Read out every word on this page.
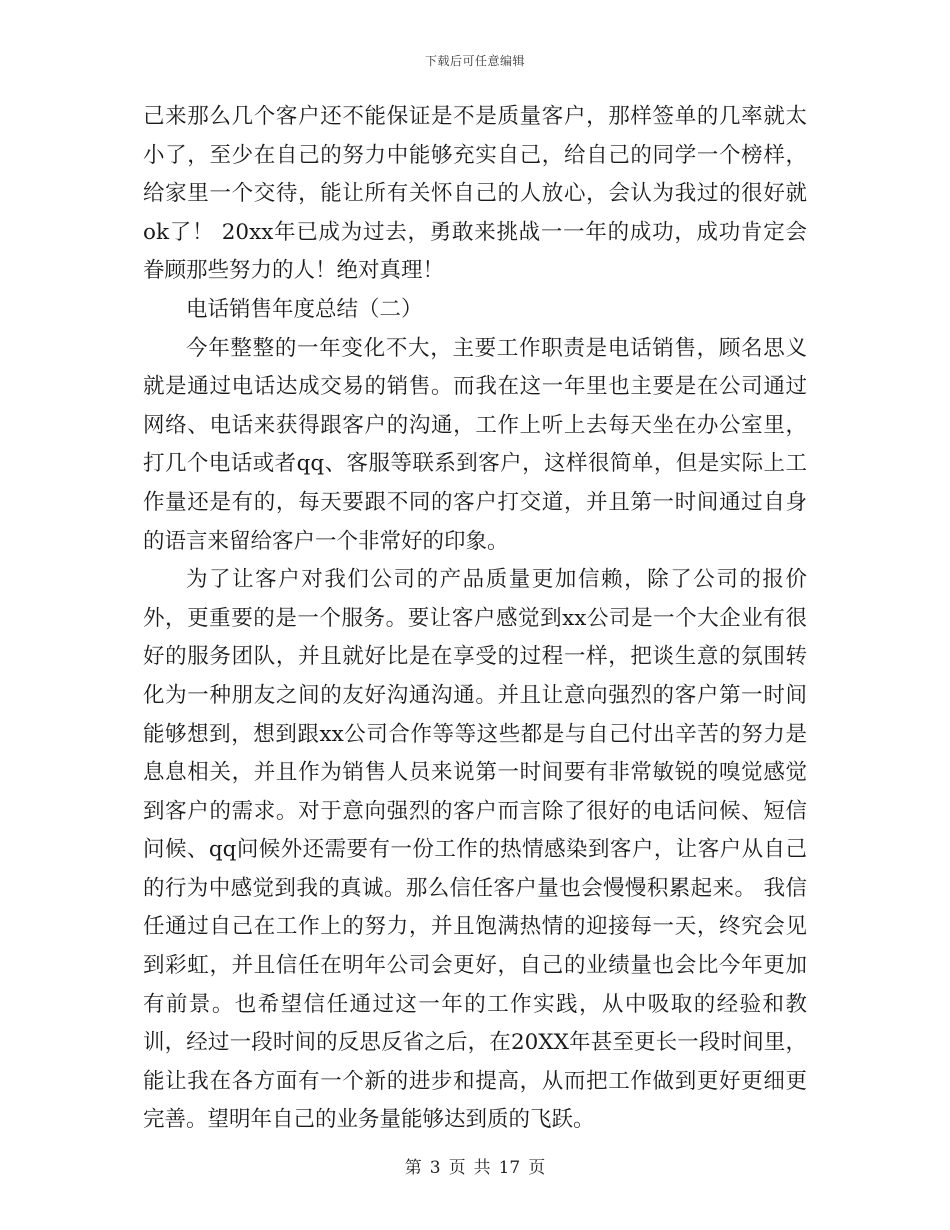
下载后可任意编辑

己来那么几个客户还不能保证是不是质量客户，那样签单的几率就太小了，至少在自己的努力中能够充实自己，给自己的同学一个榜样，给家里一个交待，能让所有关怀自己的人放心，会认为我过的很好就ok了！ 20xx年已成为过去，勇敢来挑战一一年的成功，成功肯定会眷顾那些努力的人！绝对真理！

电话销售年度总结（二）

今年整整的一年变化不大，主要工作职责是电话销售，顾名思义就是通过电话达成交易的销售。而我在这一年里也主要是在公司通过网络、电话来获得跟客户的沟通，工作上听上去每天坐在办公室里，打几个电话或者qq、客服等联系到客户，这样很简单，但是实际上工作量还是有的，每天要跟不同的客户打交道，并且第一时间通过自身的语言来留给客户一个非常好的印象。

为了让客户对我们公司的产品质量更加信赖，除了公司的报价外，更重要的是一个服务。要让客户感觉到xx公司是一个大企业有很好的服务团队，并且就好比是在享受的过程一样，把谈生意的氛围转化为一种朋友之间的友好沟通沟通。并且让意向强烈的客户第一时间能够想到，想到跟xx公司合作等等这些都是与自己付出辛苦的努力是息息相关，并且作为销售人员来说第一时间要有非常敏锐的嗅觉感觉到客户的需求。对于意向强烈的客户而言除了很好的电话问候、短信问候、qq问候外还需要有一份工作的热情感染到客户，让客户从自己的行为中感觉到我的真诚。那么信任客户量也会慢慢积累起来。 我信任通过自己在工作上的努力，并且饱满热情的迎接每一天，终究会见到彩虹，并且信任在明年公司会更好，自己的业绩量也会比今年更加有前景。也希望信任通过这一年的工作实践，从中吸取的经验和教训，经过一段时间的反思反省之后，在20XX年甚至更长一段时间里，能让我在各方面有一个新的进步和提高，从而把工作做到更好更细更完善。望明年自己的业务量能够达到质的飞跃。

第 3 页 共 17 页
